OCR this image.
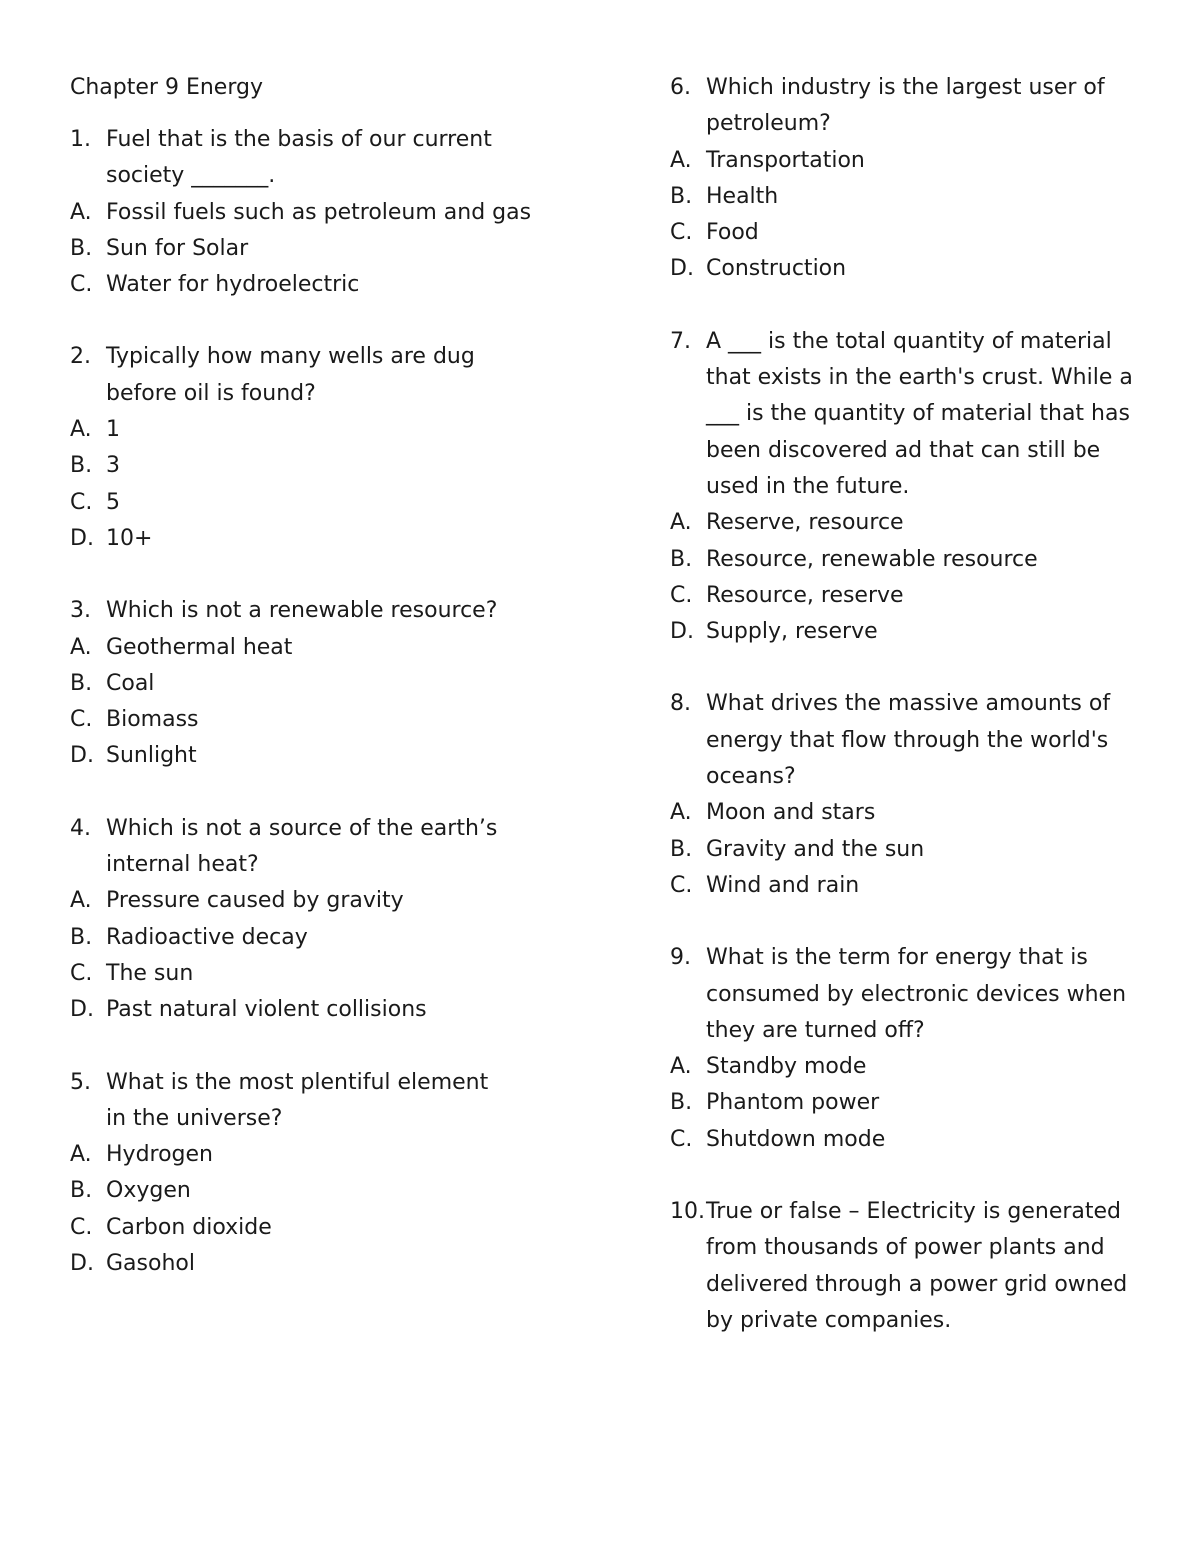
Chapter 9 Energy
1. Fuel that is the basis of our current society _______.
A. Fossil fuels such as petroleum and gas
B. Sun for Solar
C. Water for hydroelectric
2. Typically how many wells are dug before oil is found?
A. 1
B. 3
C. 5
D. 10+
3. Which is not a renewable resource?
A. Geothermal heat
B. Coal
C. Biomass
D. Sunlight
4. Which is not a source of the earth’s internal heat?
A. Pressure caused by gravity
B. Radioactive decay
C. The sun
D. Past natural violent collisions
5. What is the most plentiful element in the universe?
A. Hydrogen
B. Oxygen
C. Carbon dioxide
D. Gasohol
6. Which industry is the largest user of petroleum?
A. Transportation
B. Health
C. Food
D. Construction
7. A ___ is the total quantity of material that exists in the earth's crust. While a ___ is the quantity of material that has been discovered ad that can still be used in the future.
A. Reserve, resource
B. Resource, renewable resource
C. Resource, reserve
D. Supply, reserve
8. What drives the massive amounts of energy that flow through the world's oceans?
A. Moon and stars
B. Gravity and the sun
C. Wind and rain
9. What is the term for energy that is consumed by electronic devices when they are turned off?
A. Standby mode
B. Phantom power
C. Shutdown mode
10. True or false – Electricity is generated from thousands of power plants and delivered through a power grid owned by private companies.
